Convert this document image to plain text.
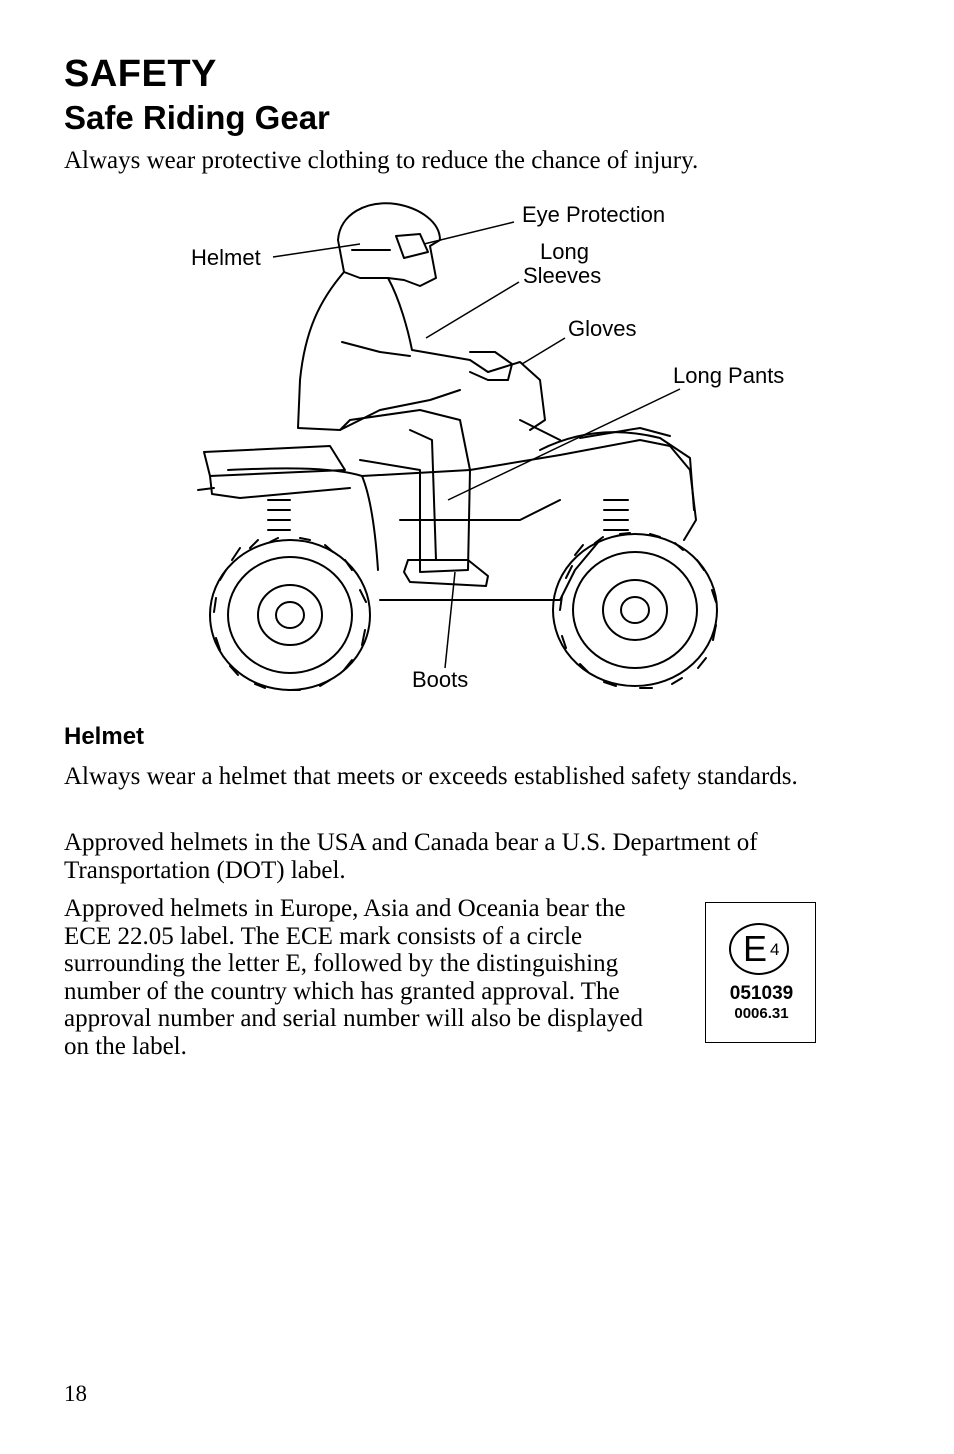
SAFETY
Safe Riding Gear

Always wear protective clothing to reduce the chance of injury.

Helmet
Eye Protection
Long
Sleeves
Gloves
Long Pants
Boots
Helmet

Always wear a helmet that meets or exceeds established safety standards.

Approved helmets in the USA and Canada bear a U.S. Department of Transportation (DOT) label.

Approved helmets in Europe, Asia and Oceania bear the ECE 22.05 label. The ECE mark consists of a circle surrounding the letter E, followed by the distinguishing number of the country which has granted approval. The approval number and serial number will also be displayed on the label.

E 4
051039
0006.31

18
